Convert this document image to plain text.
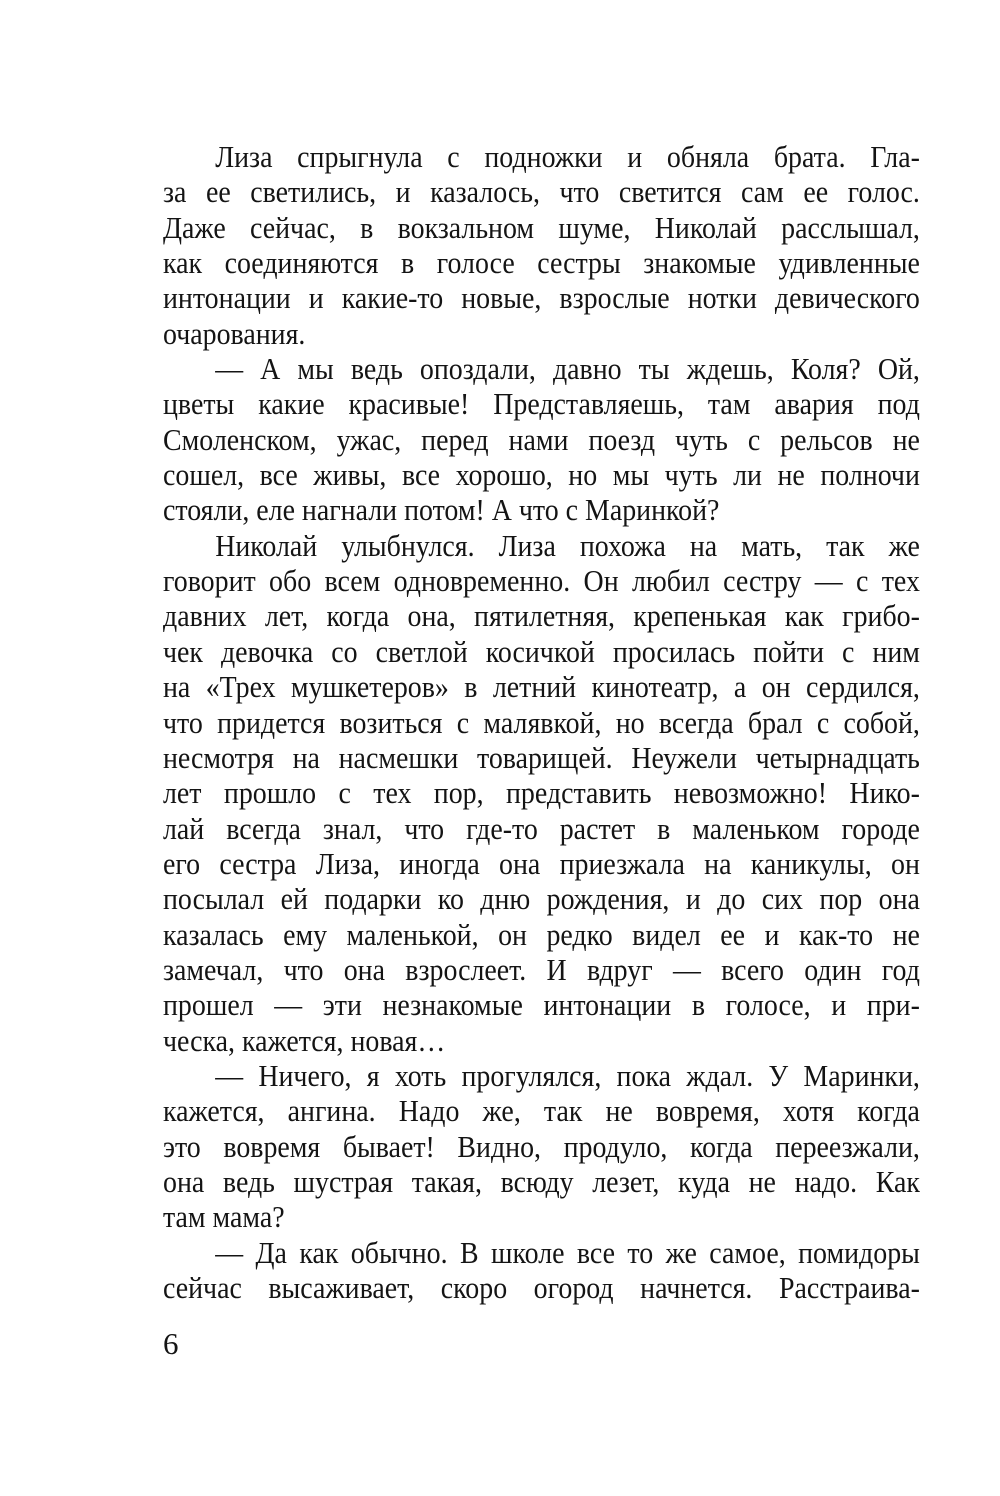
Лиза спрыгнула с подножки и обняла брата. Гла-
за ее светились, и казалось, что светится сам ее голос.
Даже сейчас, в вокзальном шуме, Николай расслышал,
как соединяются в голосе сестры знакомые удивленные
интонации и какие-то новые, взрослые нотки девического
очарования.
— А мы ведь опоздали, давно ты ждешь, Коля? Ой,
цветы какие красивые! Представляешь, там авария под
Смоленском, ужас, перед нами поезд чуть с рельсов не
сошел, все живы, все хорошо, но мы чуть ли не полночи
стояли, еле нагнали потом! А что с Маринкой?
Николай улыбнулся. Лиза похожа на мать, так же
говорит обо всем одновременно. Он любил сестру — с тех
давних лет, когда она, пятилетняя, крепенькая как грибо-
чек девочка со светлой косичкой просилась пойти с ним
на «Трех мушкетеров» в летний кинотеатр, а он сердился,
что придется возиться с малявкой, но всегда брал с собой,
несмотря на насмешки товарищей. Неужели четырнадцать
лет прошло с тех пор, представить невозможно! Нико-
лай всегда знал, что где-то растет в маленьком городе
его сестра Лиза, иногда она приезжала на каникулы, он
посылал ей подарки ко дню рождения, и до сих пор она
казалась ему маленькой, он редко видел ее и как-то не
замечал, что она взрослеет. И вдруг — всего один год
прошел — эти незнакомые интонации в голосе, и при-
ческа, кажется, новая…
— Ничего, я хоть прогулялся, пока ждал. У Маринки,
кажется, ангина. Надо же, так не вовремя, хотя когда
это вовремя бывает! Видно, продуло, когда переезжали,
она ведь шустрая такая, всюду лезет, куда не надо. Как
там мама?
— Да как обычно. В школе все то же самое, помидоры
сейчас высаживает, скоро огород начнется. Расстраива-
6
